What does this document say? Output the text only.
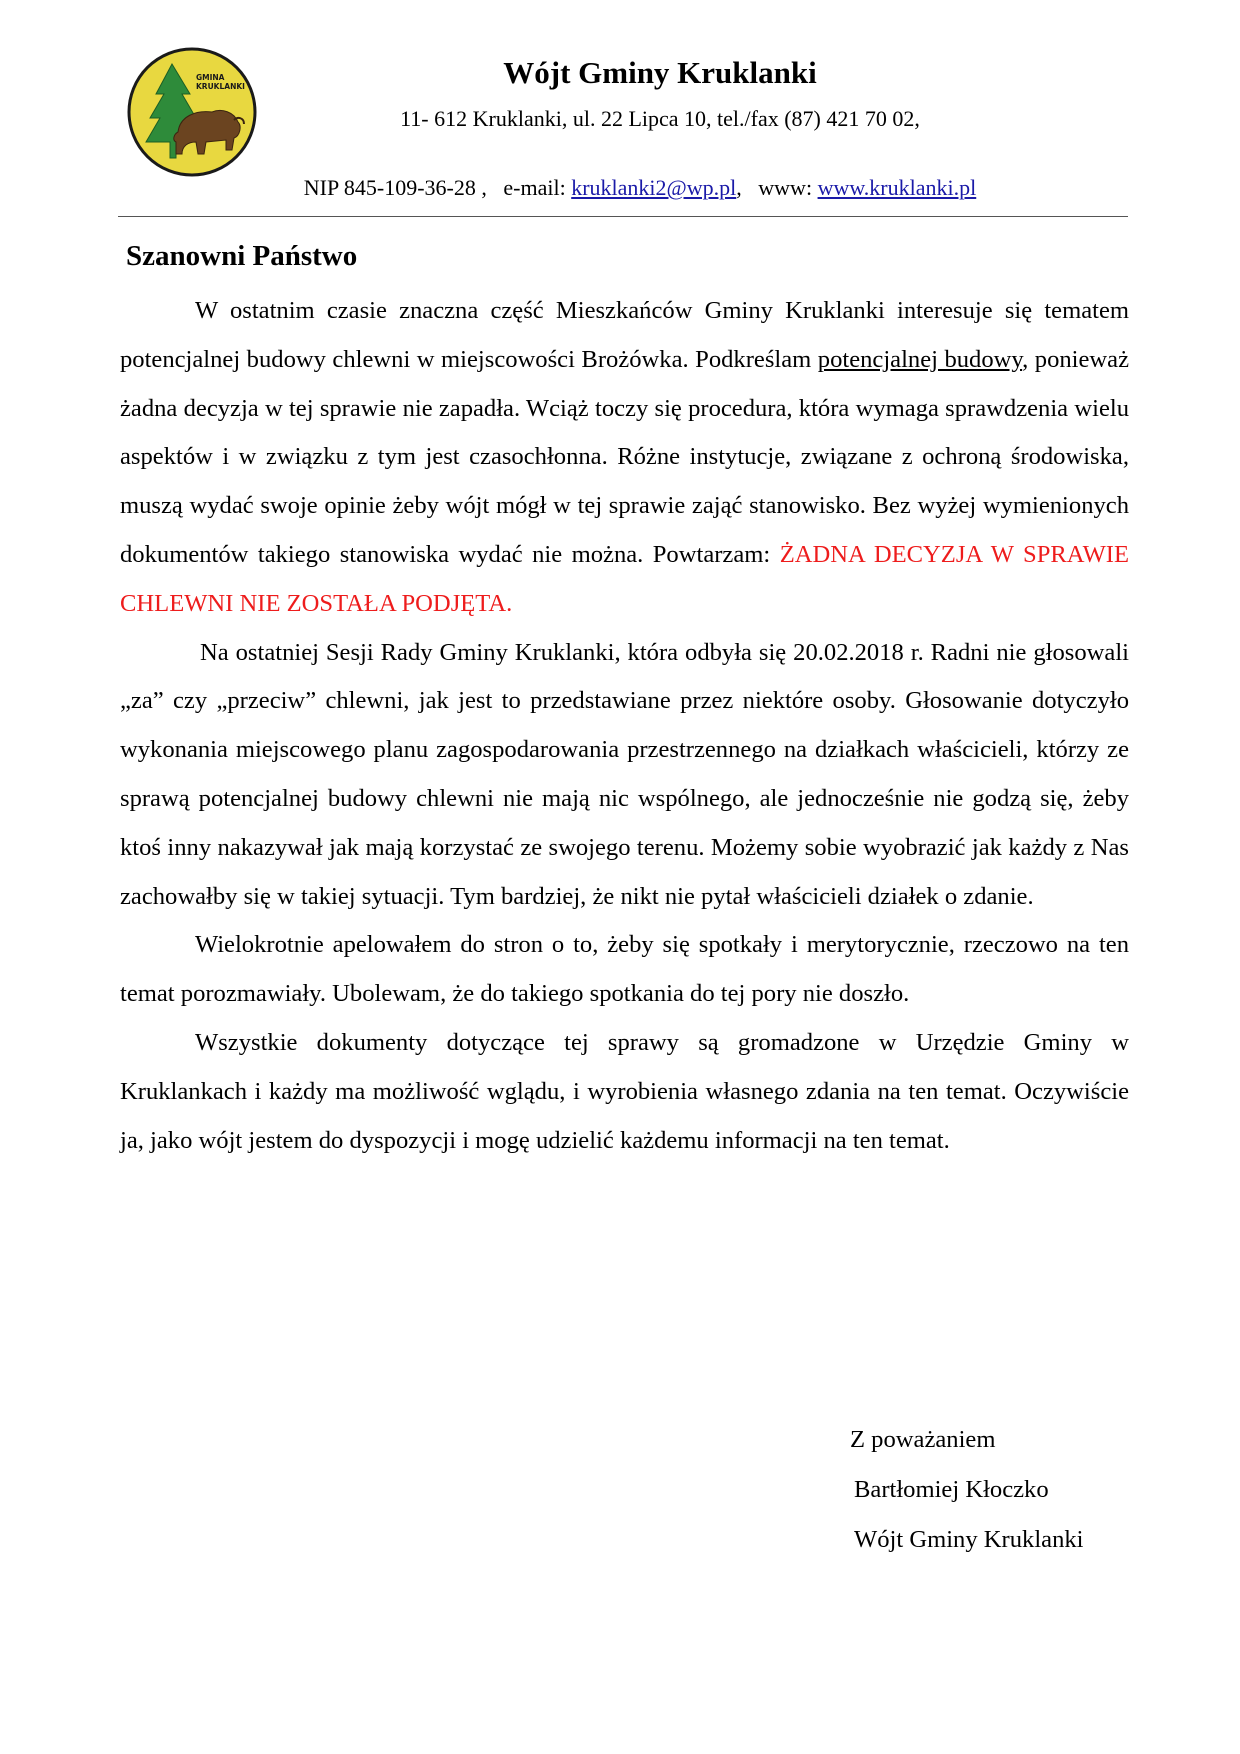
GMINA
KRUKLANKI	Wójt Gminy Kruklanki
11- 612 Kruklanki, ul. 22 Lipca 10, tel./fax (87) 421 70 02,
NIP 845-109-36-28 , e-mail: kruklanki2@wp.pl, www: www.kruklanki.pl
Szanowni Państwo

W ostatnim czasie znaczna część Mieszkańców Gminy Kruklanki interesuje się tematem potencjalnej budowy chlewni w miejscowości Brożówka. Podkreślam potencjalnej budowy, ponieważ żadna decyzja w tej sprawie nie zapadła. Wciąż toczy się procedura, która wymaga sprawdzenia wielu aspektów i w związku z tym jest czasochłonna. Różne instytucje, związane z ochroną środowiska, muszą wydać swoje opinie żeby wójt mógł w tej sprawie zająć stanowisko. Bez wyżej wymienionych dokumentów takiego stanowiska wydać nie można. Powtarzam: ŻADNA DECYZJA W SPRAWIE CHLEWNI NIE ZOSTAŁA PODJĘTA.

Na ostatniej Sesji Rady Gminy Kruklanki, która odbyła się 20.02.2018 r. Radni nie głosowali „za” czy „przeciw” chlewni, jak jest to przedstawiane przez niektóre osoby. Głosowanie dotyczyło wykonania miejscowego planu zagospodarowania przestrzennego na działkach właścicieli, którzy ze sprawą potencjalnej budowy chlewni nie mają nic wspólnego, ale jednocześnie nie godzą się, żeby ktoś inny nakazywał jak mają korzystać ze swojego terenu. Możemy sobie wyobrazić jak każdy z Nas zachowałby się w takiej sytuacji. Tym bardziej, że nikt nie pytał właścicieli działek o zdanie.

Wielokrotnie apelowałem do stron o to, żeby się spotkały i merytorycznie, rzeczowo na ten temat porozmawiały. Ubolewam, że do takiego spotkania do tej pory nie doszło.

Wszystkie dokumenty dotyczące tej sprawy są gromadzone w Urzędzie Gminy w Kruklankach i każdy ma możliwość wglądu, i wyrobienia własnego zdania na ten temat. Oczywiście ja, jako wójt jestem do dyspozycji i mogę udzielić każdemu informacji na ten temat.

Z poważaniem
Bartłomiej Kłoczko
Wójt Gminy Kruklanki
